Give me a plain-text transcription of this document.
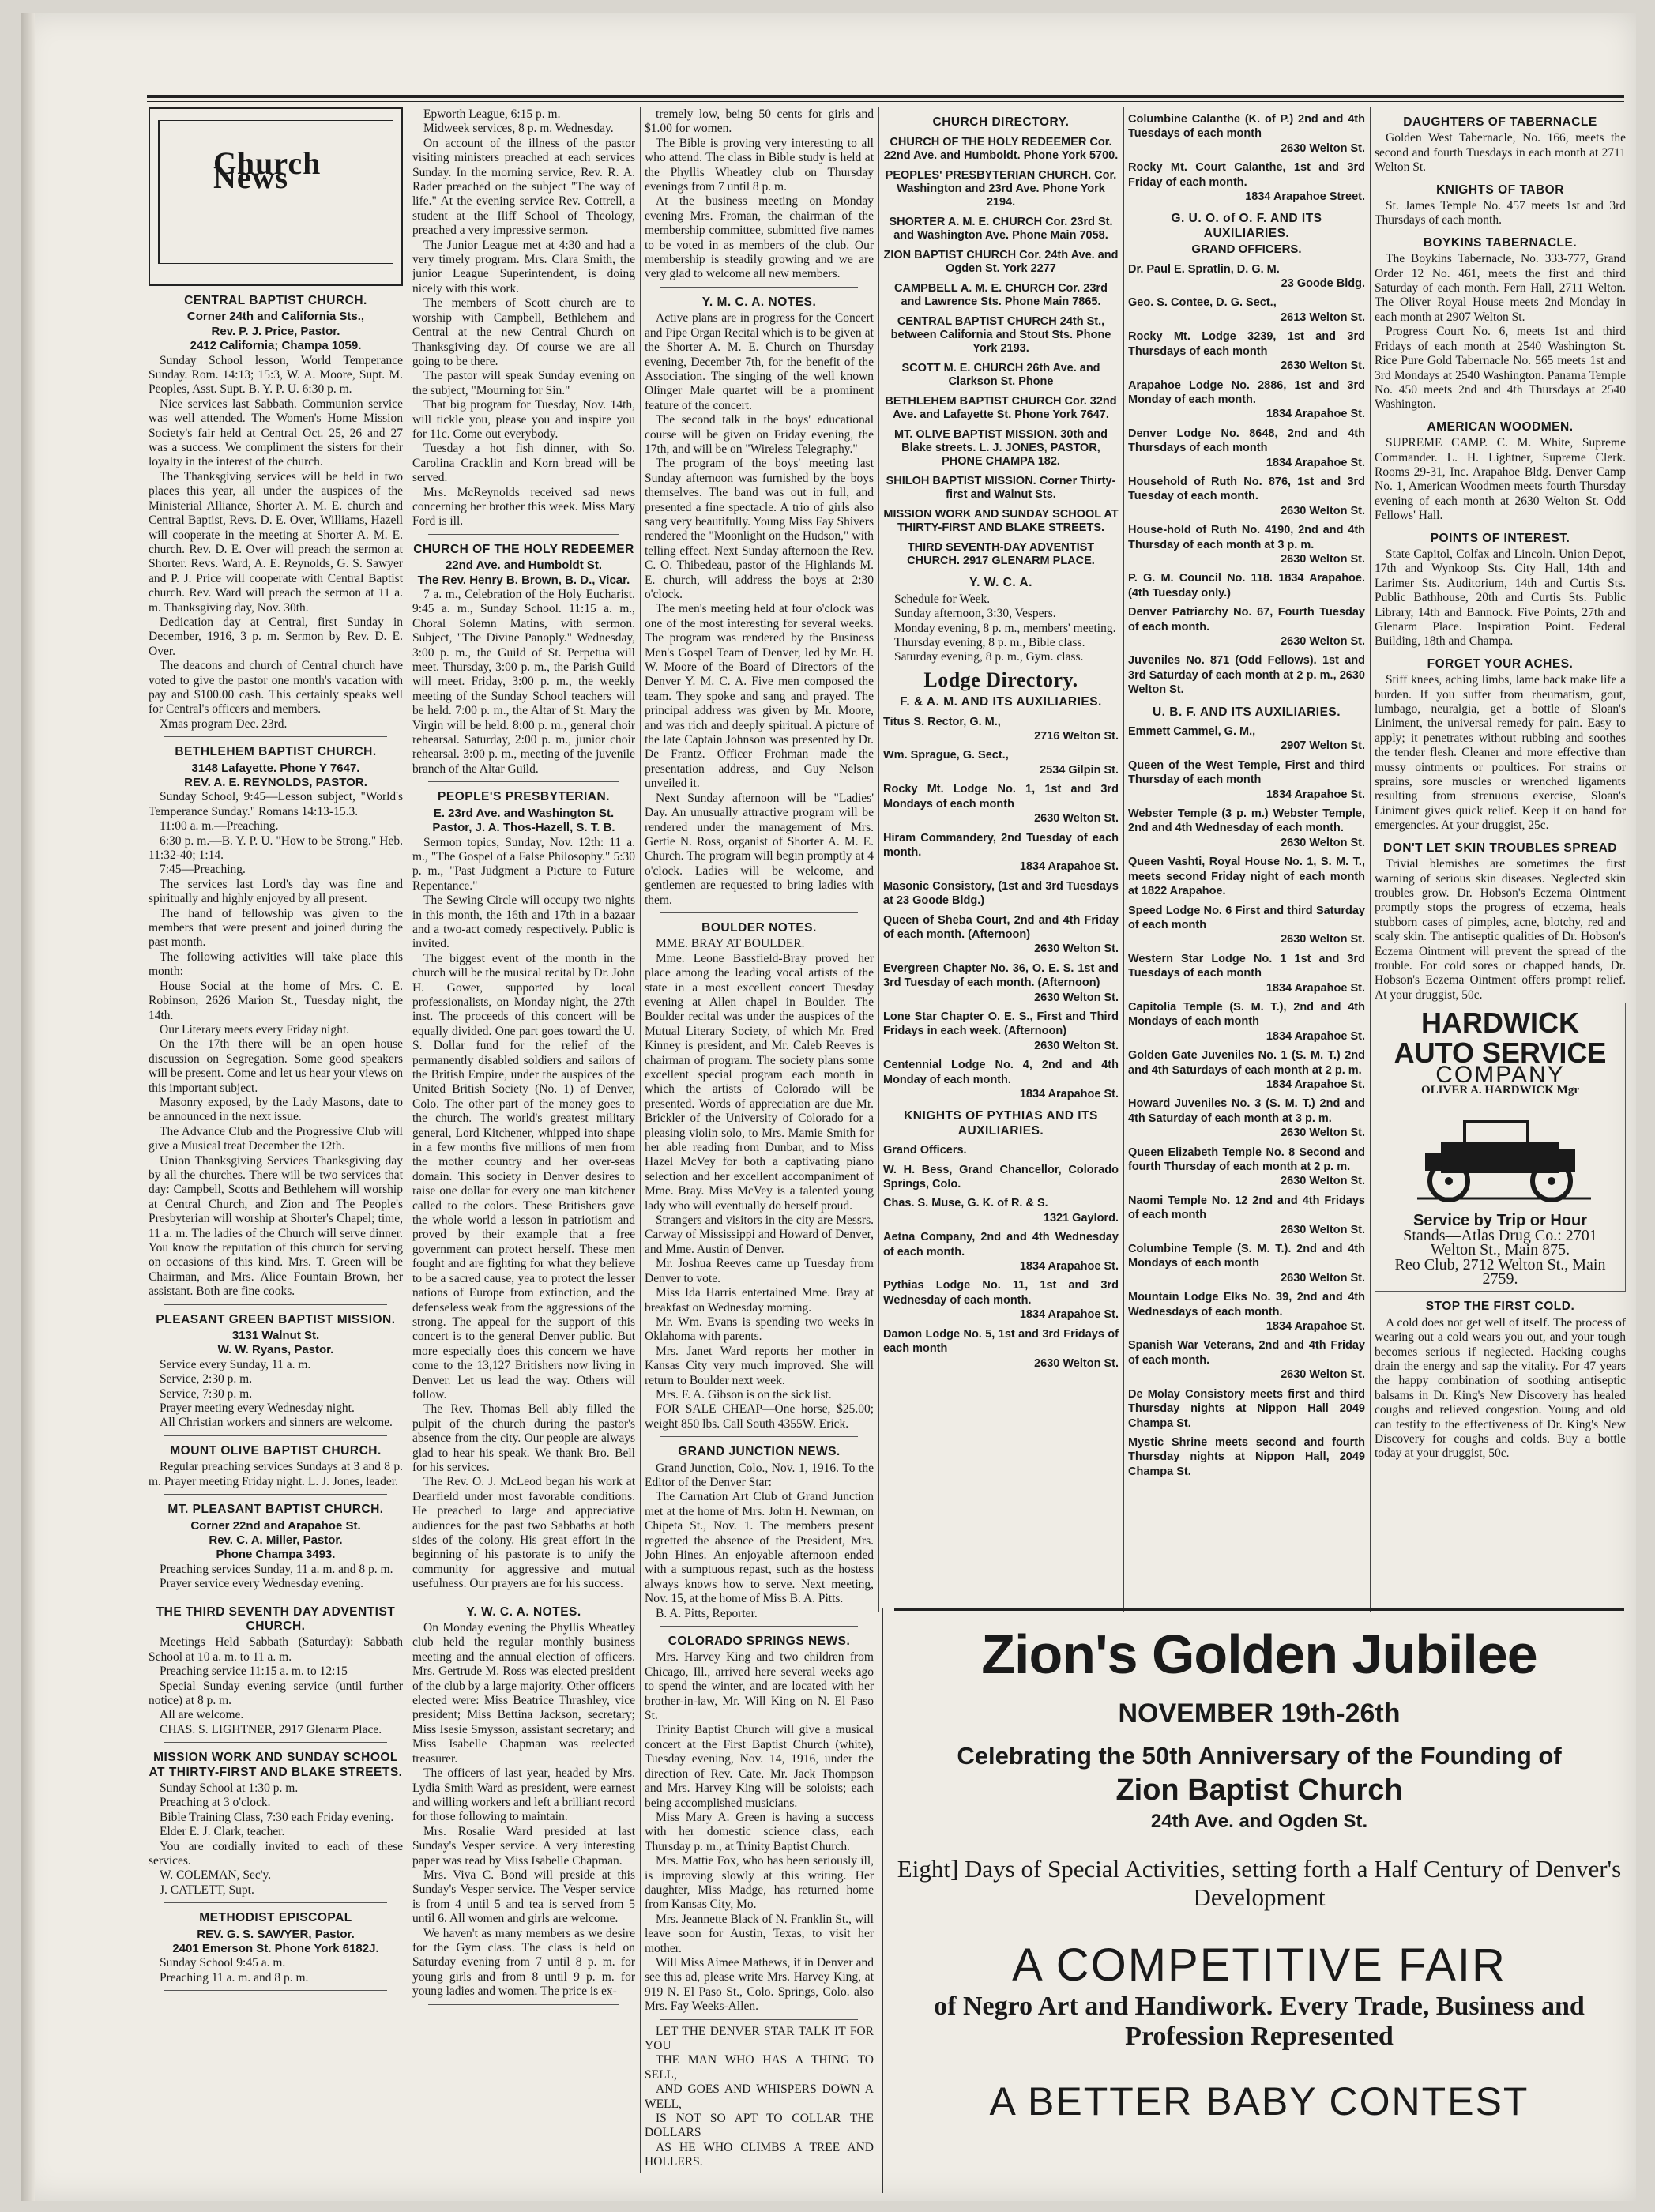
Church News
CENTRAL BAPTIST CHURCH.
Corner 24th and California Sts.,
Rev. P. J. Price, Pastor.
2412 California; Champa 1059.

Sunday School lesson, World Temperance Sunday. Rom. 14:13; 15:3, W. A. Moore, Supt. M. Peoples, Asst. Supt. B. Y. P. U. 6:30 p. m.

Nice services last Sabbath. Communion service was well attended. The Women's Home Mission Society's fair held at Central Oct. 25, 26 and 27 was a success. We compliment the sisters for their loyalty in the interest of the church.

The Thanksgiving services will be held in two places this year, all under the auspices of the Ministerial Alliance, Shorter A. M. E. church and Central Baptist, Revs. D. E. Over, Williams, Hazell will cooperate in the meeting at Shorter A. M. E. church. Rev. D. E. Over will preach the sermon at Shorter. Revs. Ward, A. E. Reynolds, G. S. Sawyer and P. J. Price will cooperate with Central Baptist church. Rev. Ward will preach the sermon at 11 a. m. Thanksgiving day, Nov. 30th.

Dedication day at Central, first Sunday in December, 1916, 3 p. m. Sermon by Rev. D. E. Over.

The deacons and church of Central church have voted to give the pastor one month's vacation with pay and $100.00 cash. This certainly speaks well for Central's officers and members.

Xmas program Dec. 23rd.

BETHLEHEM BAPTIST CHURCH.
3148 Lafayette. Phone Y 7647.
REV. A. E. REYNOLDS, PASTOR.

Sunday School, 9:45—Lesson subject, "World's Temperance Sunday." Romans 14:13-15.3.

11:00 a. m.—Preaching.

6:30 p. m.—B. Y. P. U. "How to be Strong." Heb. 11:32-40; 1:14.

7:45—Preaching.

The services last Lord's day was fine and spiritually and highly enjoyed by all present.

The hand of fellowship was given to the members that were present and joined during the past month.

The following activities will take place this month:

House Social at the home of Mrs. C. E. Robinson, 2626 Marion St., Tuesday night, the 14th.

Our Literary meets every Friday night.

On the 17th there will be an open house discussion on Segregation. Some good speakers will be present. Come and let us hear your views on this important subject.

Masonry exposed, by the Lady Masons, date to be announced in the next issue.

The Advance Club and the Progressive Club will give a Musical treat December the 12th.

Union Thanksgiving Services Thanksgiving day by all the churches. There will be two services that day: Campbell, Scotts and Bethlehem will worship at Central Church, and Zion and The People's Presbyterian will worship at Shorter's Chapel; time, 11 a. m. The ladies of the Church will serve dinner. You know the reputation of this church for serving on occasions of this kind. Mrs. T. Green will be Chairman, and Mrs. Alice Fountain Brown, her assistant. Both are fine cooks.

PLEASANT GREEN BAPTIST MISSION.
3131 Walnut St.
W. W. Ryans, Pastor.

Service every Sunday, 11 a. m.

Service, 2:30 p. m.

Service, 7:30 p. m.

Prayer meeting every Wednesday night.

All Christian workers and sinners are welcome.

MOUNT OLIVE BAPTIST CHURCH.

Regular preaching services Sundays at 3 and 8 p. m. Prayer meeting Friday night. L. J. Jones, leader.

MT. PLEASANT BAPTIST CHURCH.
Corner 22nd and Arapahoe St.
Rev. C. A. Miller, Pastor.
Phone Champa 3493.

Preaching services Sunday, 11 a. m. and 8 p. m.

Prayer service every Wednesday evening.

THE THIRD SEVENTH DAY ADVENTIST CHURCH.

Meetings Held Sabbath (Saturday): Sabbath School at 10 a. m. to 11 a. m.

Preaching service 11:15 a. m. to 12:15

Special Sunday evening service (until further notice) at 8 p. m.

All are welcome.

CHAS. S. LIGHTNER, 2917 Glenarm Place.

MISSION WORK AND SUNDAY SCHOOL AT THIRTY-FIRST AND BLAKE STREETS.

Sunday School at 1:30 p. m.

Preaching at 3 o'clock.

Bible Training Class, 7:30 each Friday evening.

Elder E. J. Clark, teacher.

You are cordially invited to each of these services.

W. COLEMAN, Sec'y.

J. CATLETT, Supt.

METHODIST EPISCOPAL
REV. G. S. SAWYER, Pastor.
2401 Emerson St. Phone York 6182J.

Sunday School 9:45 a. m.

Preaching 11 a. m. and 8 p. m.

Epworth League, 6:15 p. m.

Midweek services, 8 p. m. Wednesday.

On account of the illness of the pastor visiting ministers preached at each services Sunday. In the morning service, Rev. R. A. Rader preached on the subject "The way of life." At the evening service Rev. Cottrell, a student at the Iliff School of Theology, preached a very impressive sermon.

The Junior League met at 4:30 and had a very timely program. Mrs. Clara Smith, the junior League Superintendent, is doing nicely with this work.

The members of Scott church are to worship with Campbell, Bethlehem and Central at the new Central Church on Thanksgiving day. Of course we are all going to be there.

The pastor will speak Sunday evening on the subject, "Mourning for Sin."

That big program for Tuesday, Nov. 14th, will tickle you, please you and inspire you for 11c. Come out everybody.

Tuesday a hot fish dinner, with So. Carolina Cracklin and Korn bread will be served.

Mrs. McReynolds received sad news concerning her brother this week. Miss Mary Ford is ill.

CHURCH OF THE HOLY REDEEMER
22nd Ave. and Humboldt St.
The Rev. Henry B. Brown, B. D., Vicar.

7 a. m., Celebration of the Holy Eucharist. 9:45 a. m., Sunday School. 11:15 a. m., Choral Solemn Matins, with sermon. Subject, "The Divine Panoply." Wednesday, 3:00 p. m., the Guild of St. Perpetua will meet. Thursday, 3:00 p. m., the Parish Guild will meet. Friday, 3:00 p. m., the weekly meeting of the Sunday School teachers will be held. 7:00 p. m., the Altar of St. Mary the Virgin will be held. 8:00 p. m., general choir rehearsal. Saturday, 2:00 p. m., junior choir rehearsal. 3:00 p. m., meeting of the juvenile branch of the Altar Guild.

PEOPLE'S PRESBYTERIAN.
E. 23rd Ave. and Washington St.
Pastor, J. A. Thos-Hazell, S. T. B.

Sermon topics, Sunday, Nov. 12th: 11 a. m., "The Gospel of a False Philosophy." 5:30 p. m., "Past Judgment a Picture to Future Repentance."

The Sewing Circle will occupy two nights in this month, the 16th and 17th in a bazaar and a two-act comedy respectively. Public is invited.

The biggest event of the month in the church will be the musical recital by Dr. John H. Gower, supported by local professionalists, on Monday night, the 27th inst. The proceeds of this concert will be equally divided. One part goes toward the U. S. Dollar fund for the relief of the permanently disabled soldiers and sailors of the British Empire, under the auspices of the United British Society (No. 1) of Denver, Colo. The other part of the money goes to the church. The world's greatest military general, Lord Kitchener, whipped into shape in a few months five millions of men from the mother country and her over-seas domain. This society in Denver desires to raise one dollar for every one man kitchener called to the colors. These Britishers gave the whole world a lesson in patriotism and proved by their example that a free government can protect herself. These men fought and are fighting for what they believe to be a sacred cause, yea to protect the lesser nations of Europe from extinction, and the defenseless weak from the aggressions of the strong. The appeal for the support of this concert is to the general Denver public. But more especially does this concern we have come to the 13,127 Britishers now living in Denver. Let us lead the way. Others will follow.

The Rev. Thomas Bell ably filled the pulpit of the church during the pastor's absence from the city. Our people are always glad to hear his speak. We thank Bro. Bell for his services.

The Rev. O. J. McLeod began his work at Dearfield under most favorable conditions. He preached to large and appreciative audiences for the past two Sabbaths at both sides of the colony. His great effort in the beginning of his pastorate is to unify the community for aggressive and mutual usefulness. Our prayers are for his success.

Y. W. C. A. NOTES.

On Monday evening the Phyllis Wheatley club held the regular monthly business meeting and the annual election of officers. Mrs. Gertrude M. Ross was elected president of the club by a large majority. Other officers elected were: Miss Beatrice Thrashley, vice president; Miss Bettina Jackson, secretary; Miss Isesie Smysson, assistant secretary; and Miss Isabelle Chapman was reelected treasurer.

The officers of last year, headed by Mrs. Lydia Smith Ward as president, were earnest and willing workers and left a brilliant record for those following to maintain.

Mrs. Rosalie Ward presided at last Sunday's Vesper service. A very interesting paper was read by Miss Isabelle Chapman.

Mrs. Viva C. Bond will preside at this Sunday's Vesper service. The Vesper service is from 4 until 5 and tea is served from 5 until 6. All women and girls are welcome.

We haven't as many members as we desire for the Gym class. The class is held on Saturday evening from 7 until 8 p. m. for young girls and from 8 until 9 p. m. for young ladies and women. The price is ex-

tremely low, being 50 cents for girls and $1.00 for women.

The Bible is proving very interesting to all who attend. The class in Bible study is held at the Phyllis Wheatley club on Thursday evenings from 7 until 8 p. m.

At the business meeting on Monday evening Mrs. Froman, the chairman of the membership committee, submitted five names to be voted in as members of the club. Our membership is steadily growing and we are very glad to welcome all new members.

Y. M. C. A. NOTES.

Active plans are in progress for the Concert and Pipe Organ Recital which is to be given at the Shorter A. M. E. Church on Thursday evening, December 7th, for the benefit of the Association. The singing of the well known Olinger Male quartet will be a prominent feature of the concert.

The second talk in the boys' educational course will be given on Friday evening, the 17th, and will be on "Wireless Telegraphy."

The program of the boys' meeting last Sunday afternoon was furnished by the boys themselves. The band was out in full, and presented a fine spectacle. A trio of girls also sang very beautifully. Young Miss Fay Shivers rendered the "Moonlight on the Hudson," with telling effect. Next Sunday afternoon the Rev. C. O. Thibedeau, pastor of the Highlands M. E. church, will address the boys at 2:30 o'clock.

The men's meeting held at four o'clock was one of the most interesting for several weeks. The program was rendered by the Business Men's Gospel Team of Denver, led by Mr. H. W. Moore of the Board of Directors of the Denver Y. M. C. A. Five men composed the team. They spoke and sang and prayed. The principal address was given by Mr. Moore, and was rich and deeply spiritual. A picture of the late Captain Johnson was presented by Dr. De Frantz. Officer Frohman made the presentation address, and Guy Nelson unveiled it.

Next Sunday afternoon will be "Ladies' Day. An unusually attractive program will be rendered under the management of Mrs. Gertie N. Ross, organist of Shorter A. M. E. Church. The program will begin promptly at 4 o'clock. Ladies will be welcome, and gentlemen are requested to bring ladies with them.

BOULDER NOTES.

MME. BRAY AT BOULDER.

Mme. Leone Bassfield-Bray proved her place among the leading vocal artists of the state in a most excellent concert Tuesday evening at Allen chapel in Boulder. The Boulder recital was under the auspices of the Mutual Literary Society, of which Mr. Fred Kinney is president, and Mr. Caleb Reeves is chairman of program. The society plans some excellent special program each month in which the artists of Colorado will be presented. Words of appreciation are due Mr. Brickler of the University of Colorado for a pleasing violin solo, to Mrs. Mamie Smith for her able reading from Dunbar, and to Miss Hazel McVey for both a captivating piano selection and her excellent accompaniment of Mme. Bray. Miss McVey is a talented young lady who will eventually do herself proud.

Strangers and visitors in the city are Messrs. Carway of Mississippi and Howard of Denver, and Mme. Austin of Denver.

Mr. Joshua Reeves came up Tuesday from Denver to vote.

Miss Ida Harris entertained Mme. Bray at breakfast on Wednesday morning.

Mr. Wm. Evans is spending two weeks in Oklahoma with parents.

Mrs. Janet Ward reports her mother in Kansas City very much improved. She will return to Boulder next week.

Mrs. F. A. Gibson is on the sick list.

FOR SALE CHEAP—One horse, $25.00; weight 850 lbs. Call South 4355W. Erick.

GRAND JUNCTION NEWS.

Grand Junction, Colo., Nov. 1, 1916. To the Editor of the Denver Star:

The Carnation Art Club of Grand Junction met at the home of Mrs. John H. Newman, on Chipeta St., Nov. 1. The members present regretted the absence of the President, Mrs. John Hines. An enjoyable afternoon ended with a sumptuous repast, such as the hostess always knows how to serve. Next meeting, Nov. 15, at the home of Miss B. A. Pitts.

B. A. Pitts, Reporter.

COLORADO SPRINGS NEWS.

Mrs. Harvey King and two children from Chicago, Ill., arrived here several weeks ago to spend the winter, and are located with her brother-in-law, Mr. Will King on N. El Paso St.

Trinity Baptist Church will give a musical concert at the First Baptist Church (white), Tuesday evening, Nov. 14, 1916, under the direction of Rev. Cate. Mr. Jack Thompson and Mrs. Harvey King will be soloists; each being accomplished musicians.

Miss Mary A. Green is having a success with her domestic science class, each Thursday p. m., at Trinity Baptist Church.

Mrs. Mattie Fox, who has been seriously ill, is improving slowly at this writing. Her daughter, Miss Madge, has returned home from Kansas City, Mo.

Mrs. Jeannette Black of N. Franklin St., will leave soon for Austin, Texas, to visit her mother.

Will Miss Aimee Mathews, if in Denver and see this ad, please write Mrs. Harvey King, at 919 N. El Paso St., Colo. Springs, Colo. also Mrs. Fay Weeks-Allen.

LET THE DENVER STAR TALK IT FOR YOU

THE MAN WHO HAS A THING TO SELL,

AND GOES AND WHISPERS DOWN A WELL,

IS NOT SO APT TO COLLAR THE DOLLARS

AS HE WHO CLIMBS A TREE AND HOLLERS.

CHURCH DIRECTORY.
CHURCH OF THE HOLY REDEEMER Cor. 22nd Ave. and Humboldt. Phone York 5700.
PEOPLES' PRESBYTERIAN CHURCH. Cor. Washington and 23rd Ave. Phone York 2194.
SHORTER A. M. E. CHURCH Cor. 23rd St. and Washington Ave. Phone Main 7058.
ZION BAPTIST CHURCH Cor. 24th Ave. and Ogden St. York 2277
CAMPBELL A. M. E. CHURCH Cor. 23rd and Lawrence Sts. Phone Main 7865.
CENTRAL BAPTIST CHURCH 24th St., between California and Stout Sts. Phone York 2193.
SCOTT M. E. CHURCH 26th Ave. and Clarkson St. Phone
BETHLEHEM BAPTIST CHURCH Cor. 32nd Ave. and Lafayette St. Phone York 7647.
MT. OLIVE BAPTIST MISSION. 30th and Blake streets. L. J. JONES, PASTOR, PHONE CHAMPA 182.
SHILOH BAPTIST MISSION. Corner Thirty-first and Walnut Sts.
MISSION WORK AND SUNDAY SCHOOL AT THIRTY-FIRST AND BLAKE STREETS.
THIRD SEVENTH-DAY ADVENTIST CHURCH. 2917 GLENARM PLACE.
Y. W. C. A.

Schedule for Week.

Sunday afternoon, 3:30, Vespers.

Monday evening, 8 p. m., members' meeting.

Thursday evening, 8 p. m., Bible class.

Saturday evening, 8 p. m., Gym. class.

Lodge Directory.
F. & A. M. AND ITS AUXILIARIES.
Titus S. Rector, G. M.,
2716 Welton St.
Wm. Sprague, G. Sect.,
2534 Gilpin St.
Rocky Mt. Lodge No. 1, 1st and 3rd Mondays of each month
2630 Welton St.
Hiram Commandery, 2nd Tuesday of each month.
1834 Arapahoe St.
Masonic Consistory, (1st and 3rd Tuesdays at 23 Goode Bldg.)
Queen of Sheba Court, 2nd and 4th Friday of each month. (Afternoon)
2630 Welton St.
Evergreen Chapter No. 36, O. E. S. 1st and 3rd Tuesday of each month. (Afternoon)
2630 Welton St.
Lone Star Chapter O. E. S., First and Third Fridays in each week. (Afternoon)
2630 Welton St.
Centennial Lodge No. 4, 2nd and 4th Monday of each month.
1834 Arapahoe St.
KNIGHTS OF PYTHIAS AND ITS AUXILIARIES.
Grand Officers.
W. H. Bess, Grand Chancellor, Colorado Springs, Colo.
Chas. S. Muse, G. K. of R. & S.
1321 Gaylord.
Aetna Company, 2nd and 4th Wednesday of each month.
1834 Arapahoe St.
Pythias Lodge No. 11, 1st and 3rd Wednesday of each month.
1834 Arapahoe St.
Damon Lodge No. 5, 1st and 3rd Fridays of each month
2630 Welton St.
Columbine Calanthe (K. of P.) 2nd and 4th Tuesdays of each month
2630 Welton St.
Rocky Mt. Court Calanthe, 1st and 3rd Friday of each month.
1834 Arapahoe Street.
G. U. O. of O. F. AND ITS AUXILIARIES.
GRAND OFFICERS.
Dr. Paul E. Spratlin, D. G. M.
23 Goode Bldg.
Geo. S. Contee, D. G. Sect.,
2613 Welton St.
Rocky Mt. Lodge 3239, 1st and 3rd Thursdays of each month
2630 Welton St.
Arapahoe Lodge No. 2886, 1st and 3rd Monday of each month.
1834 Arapahoe St.
Denver Lodge No. 8648, 2nd and 4th Thursdays of each month
1834 Arapahoe St.
Household of Ruth No. 876, 1st and 3rd Tuesday of each month.
2630 Welton St.
House-hold of Ruth No. 4190, 2nd and 4th Thursday of each month at 3 p. m.
2630 Welton St.
P. G. M. Council No. 118. 1834 Arapahoe. (4th Tuesday only.)
Denver Patriarchy No. 67, Fourth Tuesday of each month.
2630 Welton St.
Juveniles No. 871 (Odd Fellows). 1st and 3rd Saturday of each month at 2 p. m., 2630 Welton St.
U. B. F. AND ITS AUXILIARIES.
Emmett Cammel, G. M.,
2907 Welton St.
Queen of the West Temple, First and third Thursday of each month
1834 Arapahoe St.
Webster Temple (3 p. m.) Webster Temple, 2nd and 4th Wednesday of each month.
2630 Welton St.
Queen Vashti, Royal House No. 1, S. M. T., meets second Friday night of each month at 1822 Arapahoe.
Speed Lodge No. 6 First and third Saturday of each month
2630 Welton St.
Western Star Lodge No. 1 1st and 3rd Tuesdays of each month
1834 Arapahoe St.
Capitolia Temple (S. M. T.), 2nd and 4th Mondays of each month
1834 Arapahoe St.
Golden Gate Juveniles No. 1 (S. M. T.) 2nd and 4th Saturdays of each month at 2 p. m.
1834 Arapahoe St.
Howard Juveniles No. 3 (S. M. T.) 2nd and 4th Saturday of each month at 3 p. m.
2630 Welton St.
Queen Elizabeth Temple No. 8 Second and fourth Thursday of each month at 2 p. m.
2630 Welton St.
Naomi Temple No. 12 2nd and 4th Fridays of each month
2630 Welton St.
Columbine Temple (S. M. T.). 2nd and 4th Mondays of each month
2630 Welton St.
Mountain Lodge Elks No. 39, 2nd and 4th Wednesdays of each month.
1834 Arapahoe St.
Spanish War Veterans, 2nd and 4th Friday of each month.
2630 Welton St.
De Molay Consistory meets first and third Thursday nights at Nippon Hall 2049 Champa St.
Mystic Shrine meets second and fourth Thursday nights at Nippon Hall, 2049 Champa St.
DAUGHTERS OF TABERNACLE

Golden West Tabernacle, No. 166, meets the second and fourth Tuesdays in each month at 2711 Welton St.

KNIGHTS OF TABOR

St. James Temple No. 457 meets 1st and 3rd Thursdays of each month.

BOYKINS TABERNACLE.

The Boykins Tabernacle, No. 333-777, Grand Order 12 No. 461, meets the first and third Saturday of each month. Fern Hall, 2711 Welton. The Oliver Royal House meets 2nd Monday in each month at 2907 Welton St.

Progress Court No. 6, meets 1st and third Fridays of each month at 2540 Washington St. Rice Pure Gold Tabernacle No. 565 meets 1st and 3rd Mondays at 2540 Washington. Panama Temple No. 450 meets 2nd and 4th Thursdays at 2540 Washington.

AMERICAN WOODMEN.

SUPREME CAMP. C. M. White, Supreme Commander. L. H. Lightner, Supreme Clerk. Rooms 29-31, Inc. Arapahoe Bldg. Denver Camp No. 1, American Woodmen meets fourth Thursday evening of each month at 2630 Welton St. Odd Fellows' Hall.

POINTS OF INTEREST.

State Capitol, Colfax and Lincoln. Union Depot, 17th and Wynkoop Sts. City Hall, 14th and Larimer Sts. Auditorium, 14th and Curtis Sts. Public Bathhouse, 20th and Curtis Sts. Public Library, 14th and Bannock. Five Points, 27th and Glenarm Place. Inspiration Point. Federal Building, 18th and Champa.

FORGET YOUR ACHES.

Stiff knees, aching limbs, lame back make life a burden. If you suffer from rheumatism, gout, lumbago, neuralgia, get a bottle of Sloan's Liniment, the universal remedy for pain. Easy to apply; it penetrates without rubbing and soothes the tender flesh. Cleaner and more effective than mussy ointments or poultices. For strains or sprains, sore muscles or wrenched ligaments resulting from strenuous exercise, Sloan's Liniment gives quick relief. Keep it on hand for emergencies. At your druggist, 25c.

DON'T LET SKIN TROUBLES SPREAD

Trivial blemishes are sometimes the first warning of serious skin diseases. Neglected skin troubles grow. Dr. Hobson's Eczema Ointment promptly stops the progress of eczema, heals stubborn cases of pimples, acne, blotchy, red and scaly skin. The antiseptic qualities of Dr. Hobson's Eczema Ointment will prevent the spread of the trouble. For cold sores or chapped hands, Dr. Hobson's Eczema Ointment offers prompt relief. At your druggist, 50c.

HARDWICK AUTO SERVICE
COMPANY
OLIVER A. HARDWICK Mgr
Service by Trip or Hour
Stands—Atlas Drug Co.: 2701 Welton St., Main 875.
Reo Club, 2712 Welton St., Main 2759.
STOP THE FIRST COLD.

A cold does not get well of itself. The process of wearing out a cold wears you out, and your tough becomes serious if neglected. Hacking coughs drain the energy and sap the vitality. For 47 years the happy combination of soothing antiseptic balsams in Dr. King's New Discovery has healed coughs and relieved congestion. Young and old can testify to the effectiveness of Dr. King's New Discovery for coughs and colds. Buy a bottle today at your druggist, 50c.

Zion's Golden Jubilee
NOVEMBER 19th-26th
Celebrating the 50th Anniversary of the Founding of
Zion Baptist Church
24th Ave. and Ogden St.
Eight] Days of Special Activities, setting forth a Half Century of Denver's Development
A COMPETITIVE FAIR
of Negro Art and Handiwork. Every Trade, Business and Profession Represented
A BETTER BABY CONTEST
